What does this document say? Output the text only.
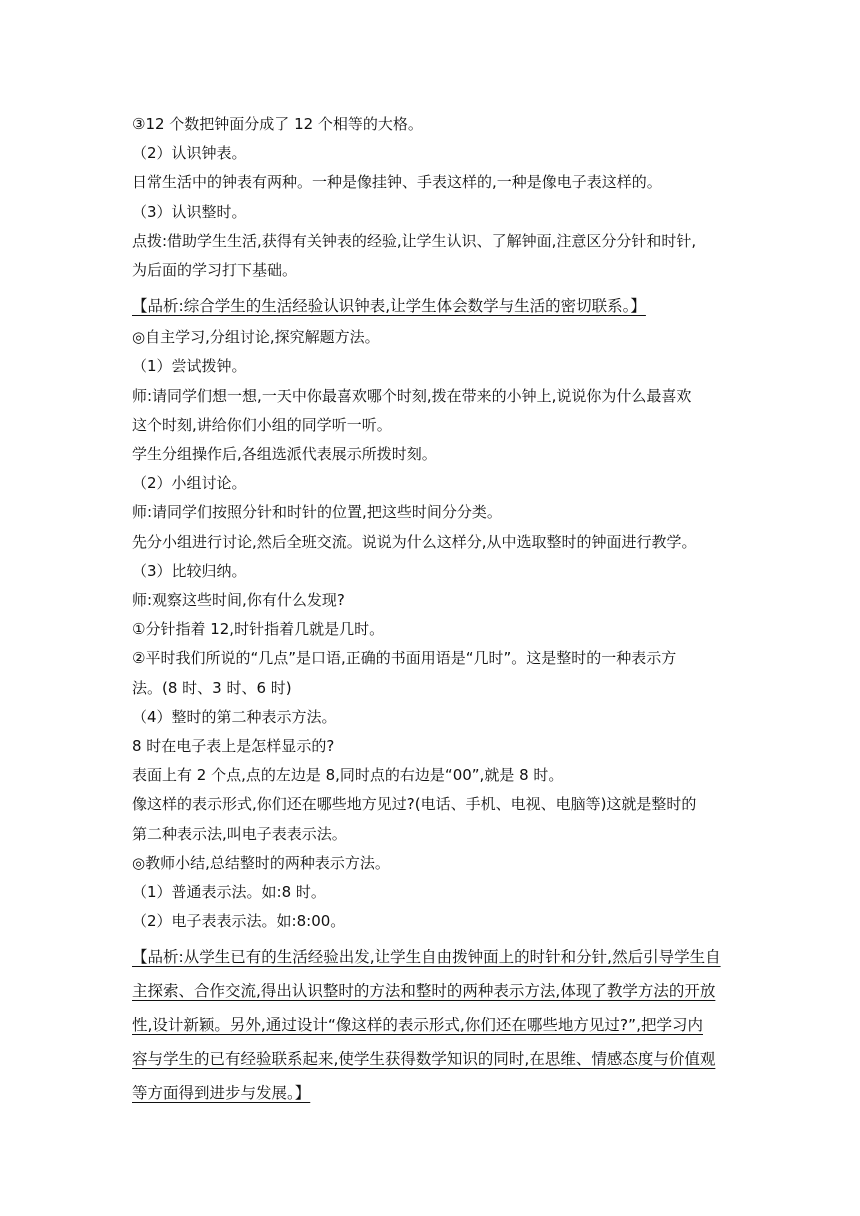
③12 个数把钟面分成了 12 个相等的大格。

（2）认识钟表。

日常生活中的钟表有两种。一种是像挂钟、手表这样的,一种是像电子表这样的。

（3）认识整时。

点拨:借助学生生活,获得有关钟表的经验,让学生认识、了解钟面,注意区分分针和时针,

为后面的学习打下基础。

【品析:综合学生的生活经验认识钟表,让学生体会数学与生活的密切联系。】

◎自主学习,分组讨论,探究解题方法。

（1）尝试拨钟。

师:请同学们想一想,一天中你最喜欢哪个时刻,拨在带来的小钟上,说说你为什么最喜欢

这个时刻,讲给你们小组的同学听一听。

学生分组操作后,各组选派代表展示所拨时刻。

（2）小组讨论。

师:请同学们按照分针和时针的位置,把这些时间分分类。

先分小组进行讨论,然后全班交流。说说为什么这样分,从中选取整时的钟面进行教学。

（3）比较归纳。

师:观察这些时间,你有什么发现?

①分针指着 12,时针指着几就是几时。

②平时我们所说的“几点”是口语,正确的书面用语是“几时”。这是整时的一种表示方

法。(8 时、3 时、6 时)

（4）整时的第二种表示方法。

8 时在电子表上是怎样显示的?

表面上有 2 个点,点的左边是 8,同时点的右边是“00”,就是 8 时。

像这样的表示形式,你们还在哪些地方见过?(电话、手机、电视、电脑等)这就是整时的

第二种表示法,叫电子表表示法。

◎教师小结,总结整时的两种表示方法。

（1）普通表示法。如:8 时。

（2）电子表表示法。如:8:00。

【品析:从学生已有的生活经验出发,让学生自由拨钟面上的时针和分针,然后引导学生自

主探索、合作交流,得出认识整时的方法和整时的两种表示方法,体现了教学方法的开放

性,设计新颖。另外,通过设计“像这样的表示形式,你们还在哪些地方见过?”,把学习内

容与学生的已有经验联系起来,使学生获得数学知识的同时,在思维、情感态度与价值观

等方面得到进步与发展。】
